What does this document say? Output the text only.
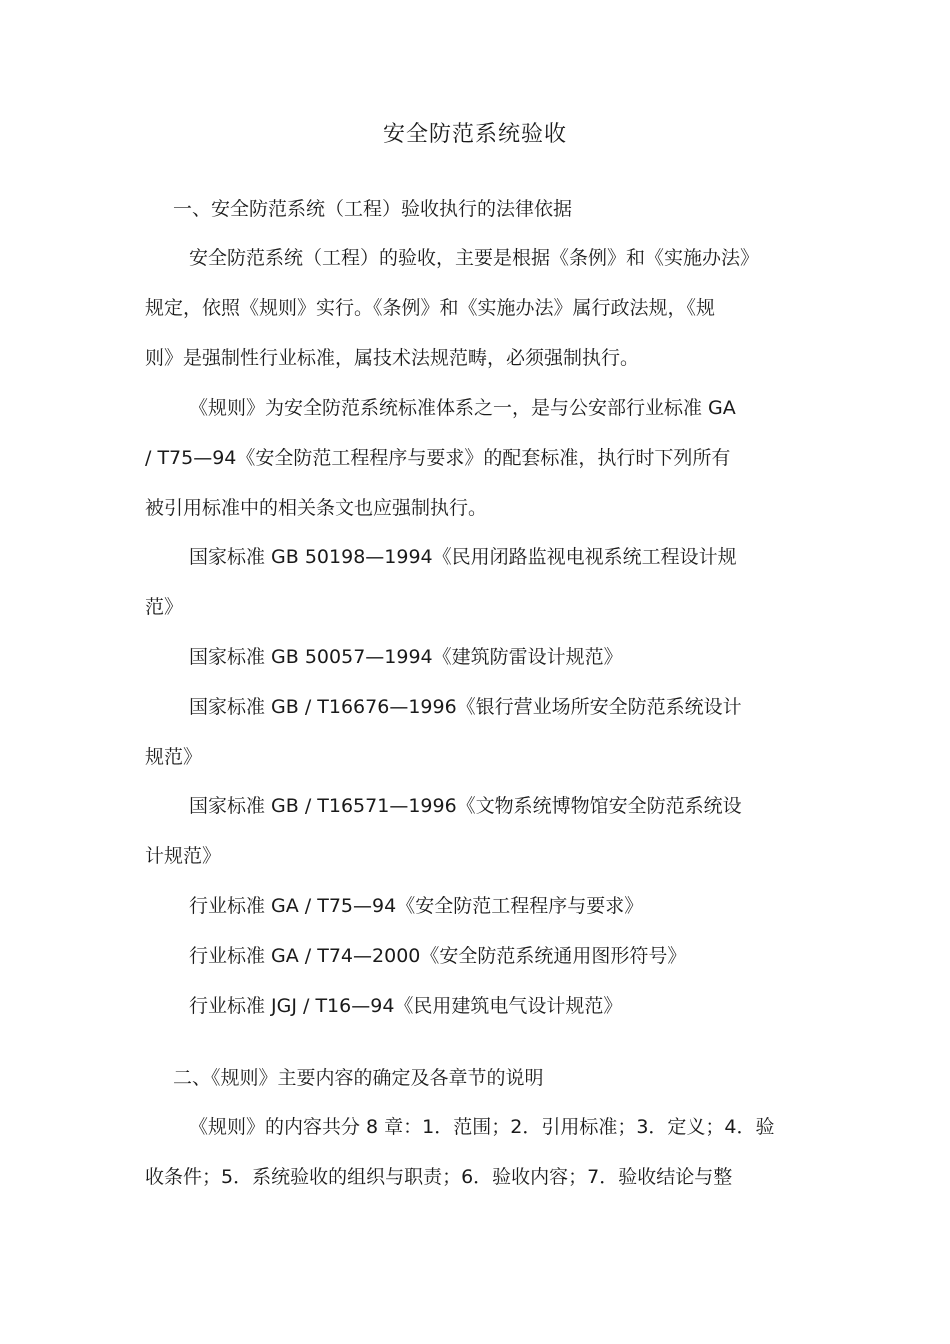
安全防范系统验收
一、安全防范系统（工程）验收执行的法律依据
安全防范系统（工程）的验收，主要是根据《条例》和《实施办法》
规定，依照《规则》实行。《条例》和《实施办法》属行政法规，《规
则》是强制性行业标准，属技术法规范畴，必须强制执行。
《规则》为安全防范系统标准体系之一，是与公安部行业标准 GA
/ T75—94《安全防范工程程序与要求》的配套标准，执行时下列所有
被引用标准中的相关条文也应强制执行。
国家标准 GB 50198—1994《民用闭路监视电视系统工程设计规
范》
国家标准 GB 50057—1994《建筑防雷设计规范》
国家标准 GB / T16676—1996《银行营业场所安全防范系统设计
规范》
国家标准 GB / T16571—1996《文物系统博物馆安全防范系统设
计规范》
行业标准 GA / T75—94《安全防范工程程序与要求》
行业标准 GA / T74—2000《安全防范系统通用图形符号》
行业标准 JGJ / T16—94《民用建筑电气设计规范》
二、《规则》主要内容的确定及各章节的说明
《规则》的内容共分 8 章：1．范围；2．引用标准；3．定义；4．验
收条件；5．系统验收的组织与职责；6．验收内容；7．验收结论与整
